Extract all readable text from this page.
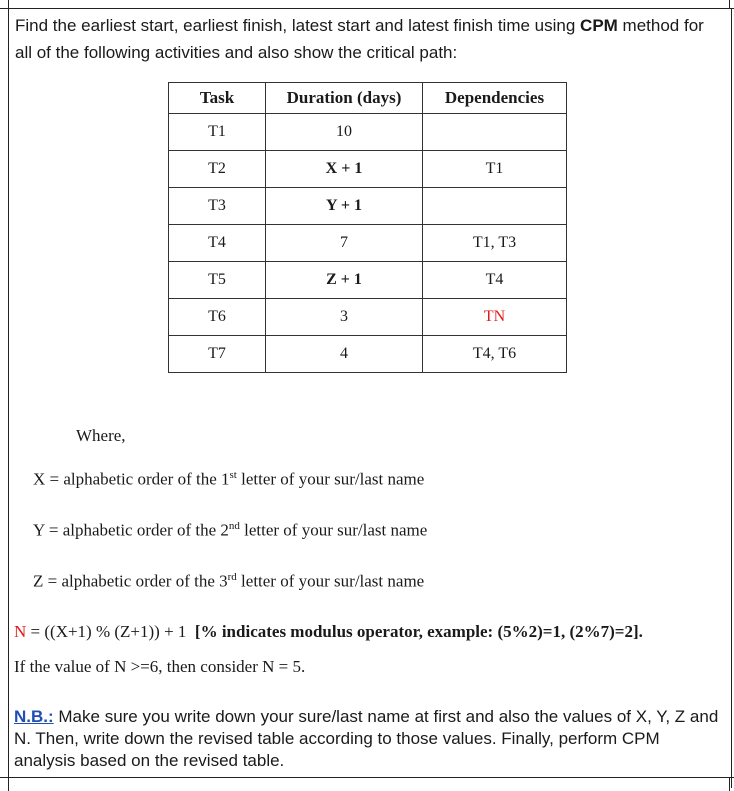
Find the earliest start, earliest finish, latest start and latest finish time using CPM method for all of the following activities and also show the critical path:
Task	Duration (days)	Dependencies
T1	10	
T2	X + 1	T1
T3	Y + 1	
T4	7	T1, T3
T5	Z + 1	T4
T6	3	TN
T7	4	T4, T6
Where,
X = alphabetic order of the 1st letter of your sur/last name
Y = alphabetic order of the 2nd letter of your sur/last name
Z = alphabetic order of the 3rd letter of your sur/last name
N = ((X+1) % (Z+1)) + 1  [% indicates modulus operator, example: (5%2)=1, (2%7)=2].
If the value of N >=6, then consider N = 5.
N.B.: Make sure you write down your sure/last name at first and also the values of X, Y, Z and N. Then, write down the revised table according to those values. Finally, perform CPM analysis based on the revised table.
